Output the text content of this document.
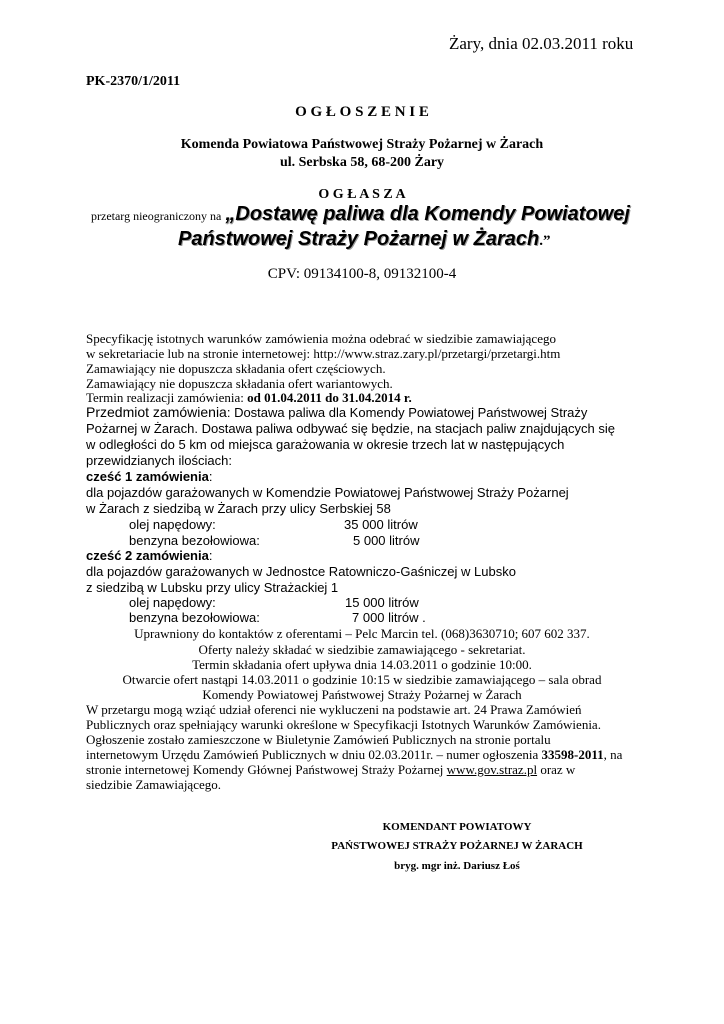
Żary, dnia 02.03.2011 roku
PK-2370/1/2011
O G Ł O S Z E N I E
Komenda Powiatowa Państwowej Straży Pożarnej w Żarach
ul. Serbska 58, 68-200 Żary
O G Ł A S Z A
przetarg nieograniczony na „Dostawę paliwa dla Komendy Powiatowej
Państwowej Straży Pożarnej w Żarach.”
CPV: 09134100-8, 09132100-4
Specyfikację istotnych warunków zamówienia można odebrać w siedzibie zamawiającego
w sekretariacie lub na stronie internetowej: http://www.straz.zary.pl/przetargi/przetargi.htm
Zamawiający nie dopuszcza składania ofert częściowych.
Zamawiający nie dopuszcza składania ofert wariantowych.
Termin realizacji zamówienia: od 01.04.2011 do 31.04.2014 r.
Przedmiot zamówienia: Dostawa paliwa dla Komendy Powiatowej Państwowej Straży
Pożarnej w Żarach. Dostawa paliwa odbywać się będzie, na stacjach paliw znajdujących się
w odległości do 5 km od miejsca garażowania w okresie trzech lat w następujących
przewidzianych ilościach:
cześć 1 zamówienia:
dla pojazdów garażowanych w Komendzie Powiatowej Państwowej Straży Pożarnej
w Żarach z siedzibą w Żarach przy ulicy Serbskiej 58
olej napędowy:	35 000 litrów
benzyna bezołowiowa:	5 000 litrów
cześć 2 zamówienia:
dla pojazdów garażowanych w Jednostce Ratowniczo-Gaśniczej w Lubsko
z siedzibą w Lubsku przy ulicy Strażackiej 1
olej napędowy:	15 000 litrów
benzyna bezołowiowa:	7 000 litrów .
Uprawniony do kontaktów z oferentami – Pelc Marcin tel. (068)3630710; 607 602 337.
Oferty należy składać w siedzibie zamawiającego - sekretariat.
Termin składania ofert upływa dnia 14.03.2011 o godzinie 10:00.
Otwarcie ofert nastąpi 14.03.2011 o godzinie 10:15 w siedzibie zamawiającego – sala obrad
Komendy Powiatowej Państwowej Straży Pożarnej w Żarach
W przetargu mogą wziąć udział oferenci nie wykluczeni na podstawie art. 24 Prawa Zamówień
Publicznych oraz spełniający warunki określone w Specyfikacji Istotnych Warunków Zamówienia.
Ogłoszenie zostało zamieszczone w Biuletynie Zamówień Publicznych na stronie portalu
internetowym Urzędu Zamówień Publicznych w dniu 02.03.2011r. – numer ogłoszenia 33598-2011, na
stronie internetowej Komendy Głównej Państwowej Straży Pożarnej www.gov.straz.pl oraz w
siedzibie Zamawiającego.
KOMENDANT POWIATOWY
PAŃSTWOWEJ STRAŻY POŻARNEJ W ŻARACH
bryg. mgr inż. Dariusz Łoś
